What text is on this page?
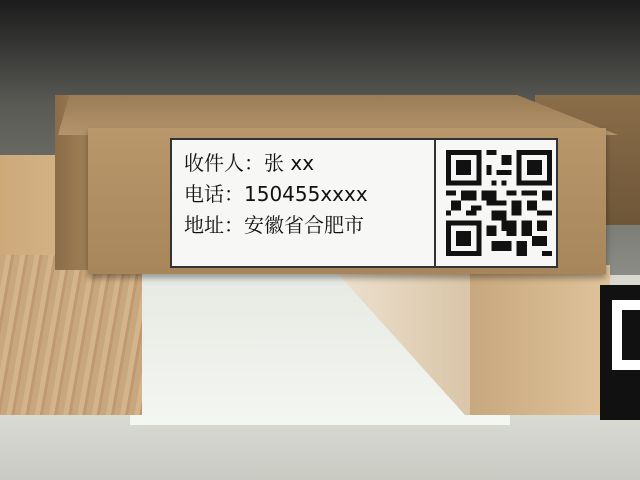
收件人：张 xx
电话：150455xxxx
地址：安徽省合肥市
